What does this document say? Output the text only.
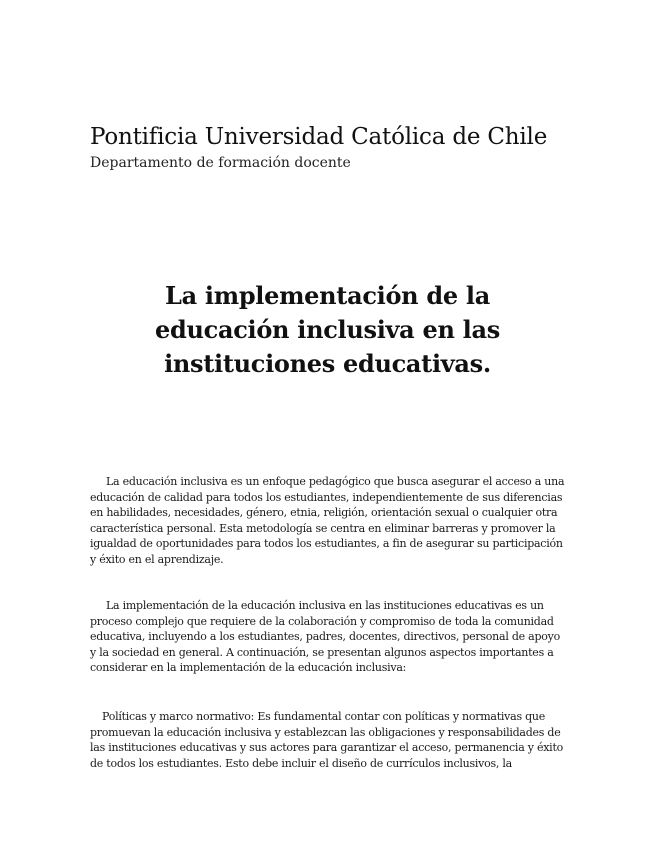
Pontificia Universidad Católica de Chile
Departamento de formación docente
La implementación de la educación inclusiva en las instituciones educativas.

La educación inclusiva es un enfoque pedagógico que busca asegurar el acceso a una educación de calidad para todos los estudiantes, independientemente de sus diferencias en habilidades, necesidades, género, etnia, religión, orientación sexual o cualquier otra característica personal. Esta metodología se centra en eliminar barreras y promover la igualdad de oportunidades para todos los estudiantes, a fin de asegurar su participación y éxito en el aprendizaje.

La implementación de la educación inclusiva en las instituciones educativas es un proceso complejo que requiere de la colaboración y compromiso de toda la comunidad educativa, incluyendo a los estudiantes, padres, docentes, directivos, personal de apoyo y la sociedad en general. A continuación, se presentan algunos aspectos importantes a considerar en la implementación de la educación inclusiva:

Políticas y marco normativo: Es fundamental contar con políticas y normativas que promuevan la educación inclusiva y establezcan las obligaciones y responsabilidades de las instituciones educativas y sus actores para garantizar el acceso, permanencia y éxito de todos los estudiantes. Esto debe incluir el diseño de currículos inclusivos, la
